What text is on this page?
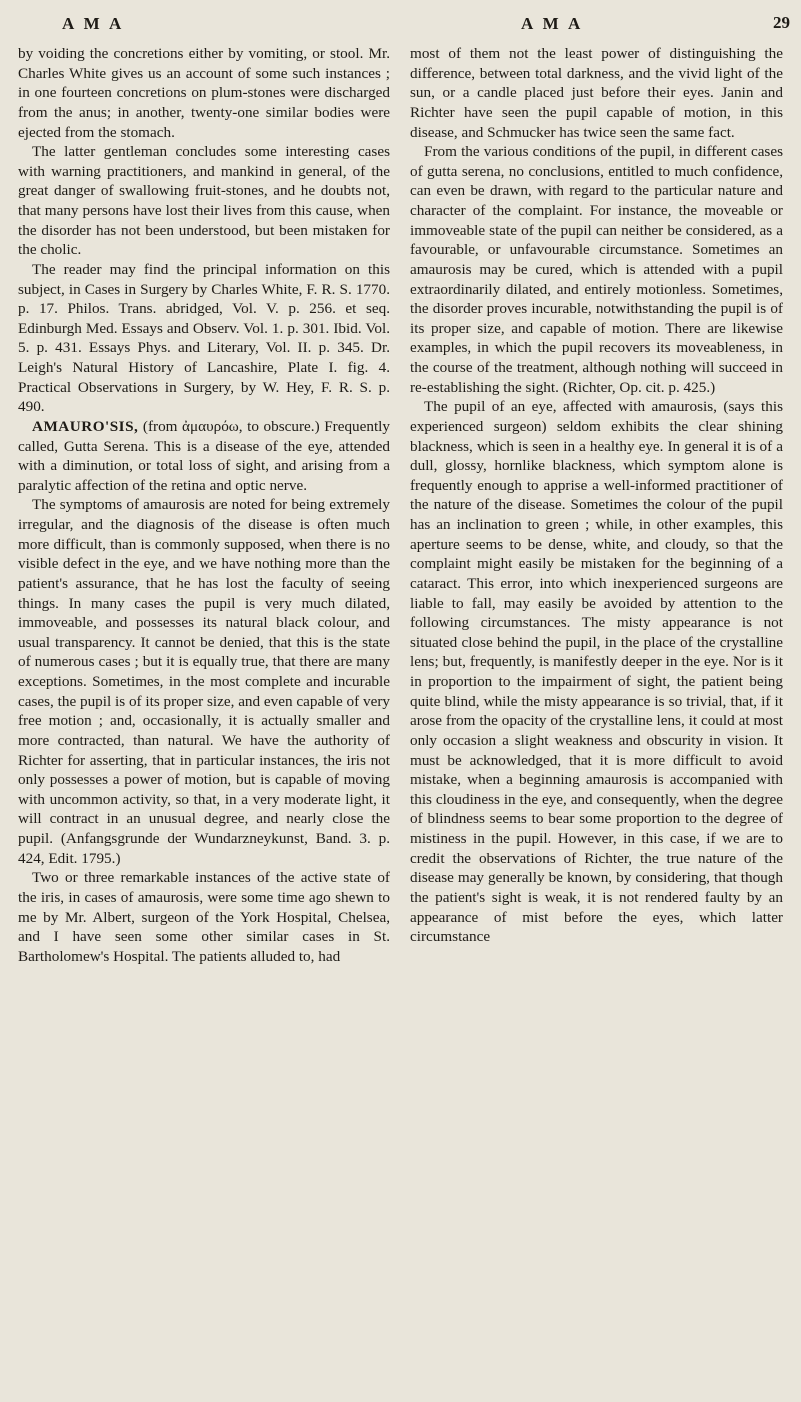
A M A	A M A	29

by voiding the concretions either by vomiting, or stool. Mr. Charles White gives us an account of some such instances ; in one fourteen concretions on plum-stones were discharged from the anus; in another, twenty-one similar bodies were ejected from the stomach.

The latter gentleman concludes some interesting cases with warning practitioners, and mankind in general, of the great danger of swallowing fruit-stones, and he doubts not, that many persons have lost their lives from this cause, when the disorder has not been understood, but been mistaken for the cholic.

The reader may find the principal information on this subject, in Cases in Surgery by Charles White, F. R. S. 1770. p. 17. Philos. Trans. abridged, Vol. V. p. 256. et seq. Edinburgh Med. Essays and Observ. Vol. 1. p. 301. Ibid. Vol. 5. p. 431. Essays Phys. and Literary, Vol. II. p. 345. Dr. Leigh's Natural History of Lancashire, Plate I. fig. 4. Practical Observations in Surgery, by W. Hey, F. R. S. p. 490.

AMAURO'SIS, (from ἀμαυρόω, to obscure.) Frequently called, Gutta Serena. This is a disease of the eye, attended with a diminution, or total loss of sight, and arising from a paralytic affection of the retina and optic nerve.

The symptoms of amaurosis are noted for being extremely irregular, and the diagnosis of the disease is often much more difficult, than is commonly supposed, when there is no visible defect in the eye, and we have nothing more than the patient's assurance, that he has lost the faculty of seeing things. In many cases the pupil is very much dilated, immoveable, and possesses its natural black colour, and usual transparency. It cannot be denied, that this is the state of numerous cases ; but it is equally true, that there are many exceptions. Sometimes, in the most complete and incurable cases, the pupil is of its proper size, and even capable of very free motion ; and, occasionally, it is actually smaller and more contracted, than natural. We have the authority of Richter for asserting, that in particular instances, the iris not only possesses a power of motion, but is capable of moving with uncommon activity, so that, in a very moderate light, it will contract in an unusual degree, and nearly close the pupil. (Anfangsgrunde der Wundarzneykunst, Band. 3. p. 424, Edit. 1795.)

Two or three remarkable instances of the active state of the iris, in cases of amaurosis, were some time ago shewn to me by Mr. Albert, surgeon of the York Hospital, Chelsea, and I have seen some other similar cases in St. Bartholomew's Hospital. The patients alluded to, had

most of them not the least power of distinguishing the difference, between total darkness, and the vivid light of the sun, or a candle placed just before their eyes. Janin and Richter have seen the pupil capable of motion, in this disease, and Schmucker has twice seen the same fact.

From the various conditions of the pupil, in different cases of gutta serena, no conclusions, entitled to much confidence, can even be drawn, with regard to the particular nature and character of the complaint. For instance, the moveable or immoveable state of the pupil can neither be considered, as a favourable, or unfavourable circumstance. Sometimes an amaurosis may be cured, which is attended with a pupil extraordinarily dilated, and entirely motionless. Sometimes, the disorder proves incurable, notwithstanding the pupil is of its proper size, and capable of motion. There are likewise examples, in which the pupil recovers its moveableness, in the course of the treatment, although nothing will succeed in re-establishing the sight. (Richter, Op. cit. p. 425.)

The pupil of an eye, affected with amaurosis, (says this experienced surgeon) seldom exhibits the clear shining blackness, which is seen in a healthy eye. In general it is of a dull, glossy, hornlike blackness, which symptom alone is frequently enough to apprise a well-informed practitioner of the nature of the disease. Sometimes the colour of the pupil has an inclination to green ; while, in other examples, this aperture seems to be dense, white, and cloudy, so that the complaint might easily be mistaken for the beginning of a cataract. This error, into which inexperienced surgeons are liable to fall, may easily be avoided by attention to the following circumstances. The misty appearance is not situated close behind the pupil, in the place of the crystalline lens; but, frequently, is manifestly deeper in the eye. Nor is it in proportion to the impairment of sight, the patient being quite blind, while the misty appearance is so trivial, that, if it arose from the opacity of the crystalline lens, it could at most only occasion a slight weakness and obscurity in vision. It must be acknowledged, that it is more difficult to avoid mistake, when a beginning amaurosis is accompanied with this cloudiness in the eye, and consequently, when the degree of blindness seems to bear some proportion to the degree of mistiness in the pupil. However, in this case, if we are to credit the observations of Richter, the true nature of the disease may generally be known, by considering, that though the patient's sight is weak, it is not rendered faulty by an appearance of mist before the eyes, which latter circumstance
